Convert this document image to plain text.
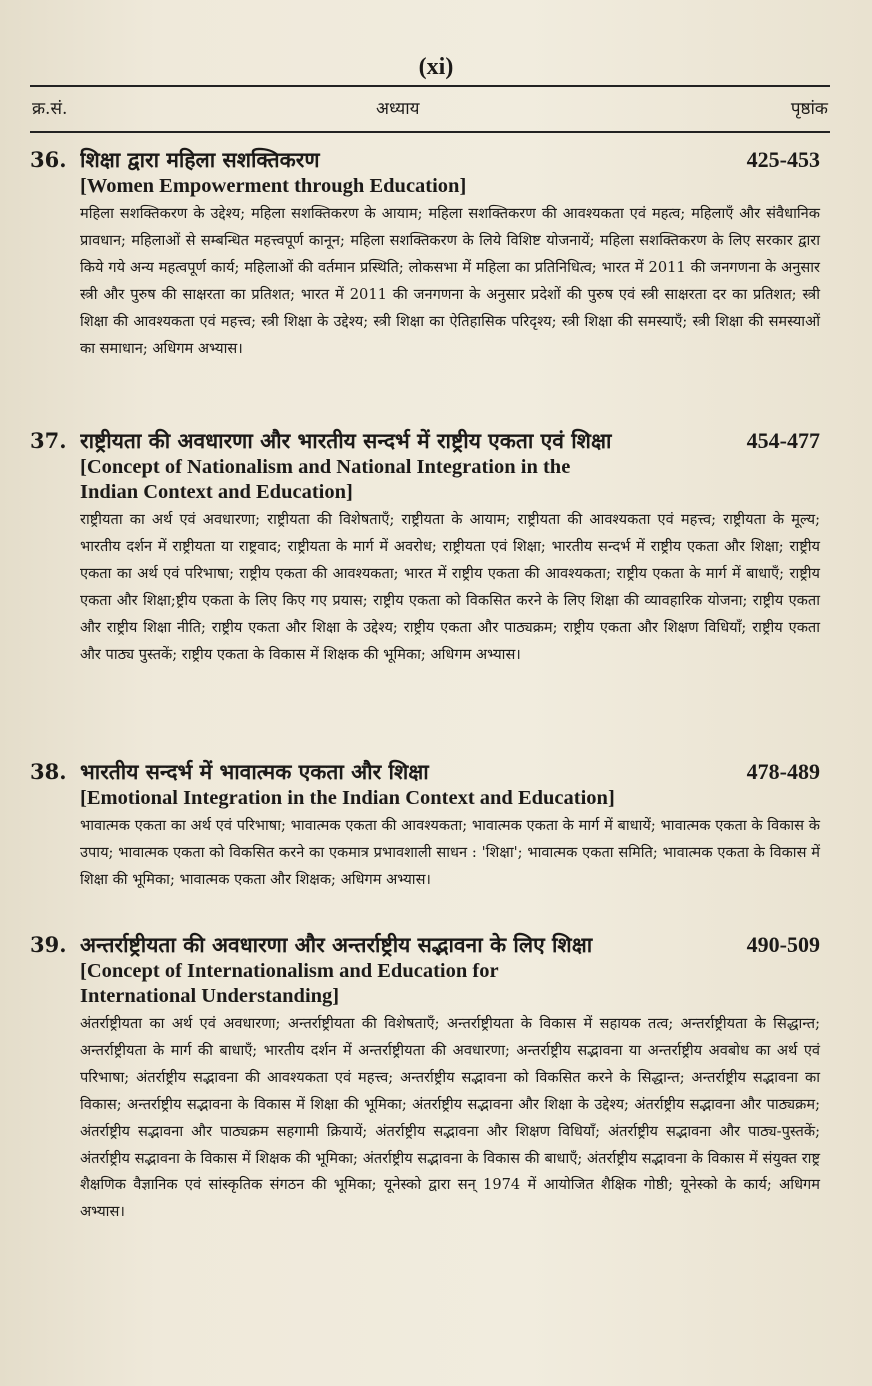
(xi)
क्र.सं.	अध्याय	पृष्ठांक
36. शिक्षा द्वारा महिला सशक्तिकरण	425-453
[Women Empowerment through Education]
महिला सशक्तिकरण के उद्देश्य; महिला सशक्तिकरण के आयाम; महिला सशक्तिकरण की आवश्यकता एवं महत्व; महिलाएँ और संवैधानिक प्रावधान; महिलाओं से सम्बन्धित महत्त्वपूर्ण कानून; महिला सशक्तिकरण के लिये विशिष्ट योजनायें; महिला सशक्तिकरण के लिए सरकार द्वारा किये गये अन्य महत्वपूर्ण कार्य; महिलाओं की वर्तमान प्रस्थिति; लोकसभा में महिला का प्रतिनिधित्व; भारत में 2011 की जनगणना के अनुसार स्त्री और पुरुष की साक्षरता का प्रतिशत; भारत में 2011 की जनगणना के अनुसार प्रदेशों की पुरुष एवं स्त्री साक्षरता दर का प्रतिशत; स्त्री शिक्षा की आवश्यकता एवं महत्त्व; स्त्री शिक्षा के उद्देश्य; स्त्री शिक्षा का ऐतिहासिक परिदृश्य; स्त्री शिक्षा की समस्याएँ; स्त्री शिक्षा की समस्याओं का समाधान; अधिगम अभ्यास।
37. राष्ट्रीयता की अवधारणा और भारतीय सन्दर्भ में राष्ट्रीय एकता एवं शिक्षा	454-477
[Concept of Nationalism and National Integration in the Indian Context and Education]
राष्ट्रीयता का अर्थ एवं अवधारणा; राष्ट्रीयता की विशेषताएँ; राष्ट्रीयता के आयाम; राष्ट्रीयता की आवश्यकता एवं महत्त्व; राष्ट्रीयता के मूल्य; भारतीय दर्शन में राष्ट्रीयता या राष्ट्रवाद; राष्ट्रीयता के मार्ग में अवरोध; राष्ट्रीयता एवं शिक्षा; भारतीय सन्दर्भ में राष्ट्रीय एकता और शिक्षा; राष्ट्रीय एकता का अर्थ एवं परिभाषा; राष्ट्रीय एकता की आवश्यकता; भारत में राष्ट्रीय एकता की आवश्यकता; राष्ट्रीय एकता के मार्ग में बाधाएँ; राष्ट्रीय एकता और शिक्षा;ष्ट्रीय एकता के लिए किए गए प्रयास; राष्ट्रीय एकता को विकसित करने के लिए शिक्षा की व्यावहारिक योजना; राष्ट्रीय एकता और राष्ट्रीय शिक्षा नीति; राष्ट्रीय एकता और शिक्षा के उद्देश्य; राष्ट्रीय एकता और पाठ्यक्रम; राष्ट्रीय एकता और शिक्षण विधियाँ; राष्ट्रीय एकता और पाठ्य पुस्तकें; राष्ट्रीय एकता के विकास में शिक्षक की भूमिका; अधिगम अभ्यास।
38. भारतीय सन्दर्भ में भावात्मक एकता और शिक्षा	478-489
[Emotional Integration in the Indian Context and Education]
भावात्मक एकता का अर्थ एवं परिभाषा; भावात्मक एकता की आवश्यकता; भावात्मक एकता के मार्ग में बाधायें; भावात्मक एकता के विकास के उपाय; भावात्मक एकता को विकसित करने का एकमात्र प्रभावशाली साधन : 'शिक्षा'; भावात्मक एकता समिति; भावात्मक एकता के विकास में शिक्षा की भूमिका; भावात्मक एकता और शिक्षक; अधिगम अभ्यास।
39. अन्तर्राष्ट्रीयता की अवधारणा और अन्तर्राष्ट्रीय सद्भावना के लिए शिक्षा	490-509
[Concept of Internationalism and Education for International Understanding]
अंतर्राष्ट्रीयता का अर्थ एवं अवधारणा; अन्तर्राष्ट्रीयता की विशेषताएँ; अन्तर्राष्ट्रीयता के विकास में सहायक तत्व; अन्तर्राष्ट्रीयता के सिद्धान्त; अन्तर्राष्ट्रीयता के मार्ग की बाधाएँ; भारतीय दर्शन में अन्तर्राष्ट्रीयता की अवधारणा; अन्तर्राष्ट्रीय सद्भावना या अन्तर्राष्ट्रीय अवबोध का अर्थ एवं परिभाषा; अंतर्राष्ट्रीय सद्भावना की आवश्यकता एवं महत्त्व; अन्तर्राष्ट्रीय सद्भावना को विकसित करने के सिद्धान्त; अन्तर्राष्ट्रीय सद्भावना का विकास; अन्तर्राष्ट्रीय सद्भावना के विकास में शिक्षा की भूमिका; अंतर्राष्ट्रीय सद्भावना और शिक्षा के उद्देश्य; अंतर्राष्ट्रीय सद्भावना और पाठ्यक्रम; अंतर्राष्ट्रीय सद्भावना और पाठ्यक्रम सहगामी क्रियायें; अंतर्राष्ट्रीय सद्भावना और शिक्षण विधियाँ; अंतर्राष्ट्रीय सद्भावना और पाठ्य-पुस्तकें; अंतर्राष्ट्रीय सद्भावना के विकास में शिक्षक की भूमिका; अंतर्राष्ट्रीय सद्भावना के विकास की बाधाएँ; अंतर्राष्ट्रीय सद्भावना के विकास में संयुक्त राष्ट्र शैक्षणिक वैज्ञानिक एवं सांस्कृतिक संगठन की भूमिका; यूनेस्को द्वारा सन् 1974 में आयोजित शैक्षिक गोष्ठी; यूनेस्को के कार्य; अधिगम अभ्यास।
